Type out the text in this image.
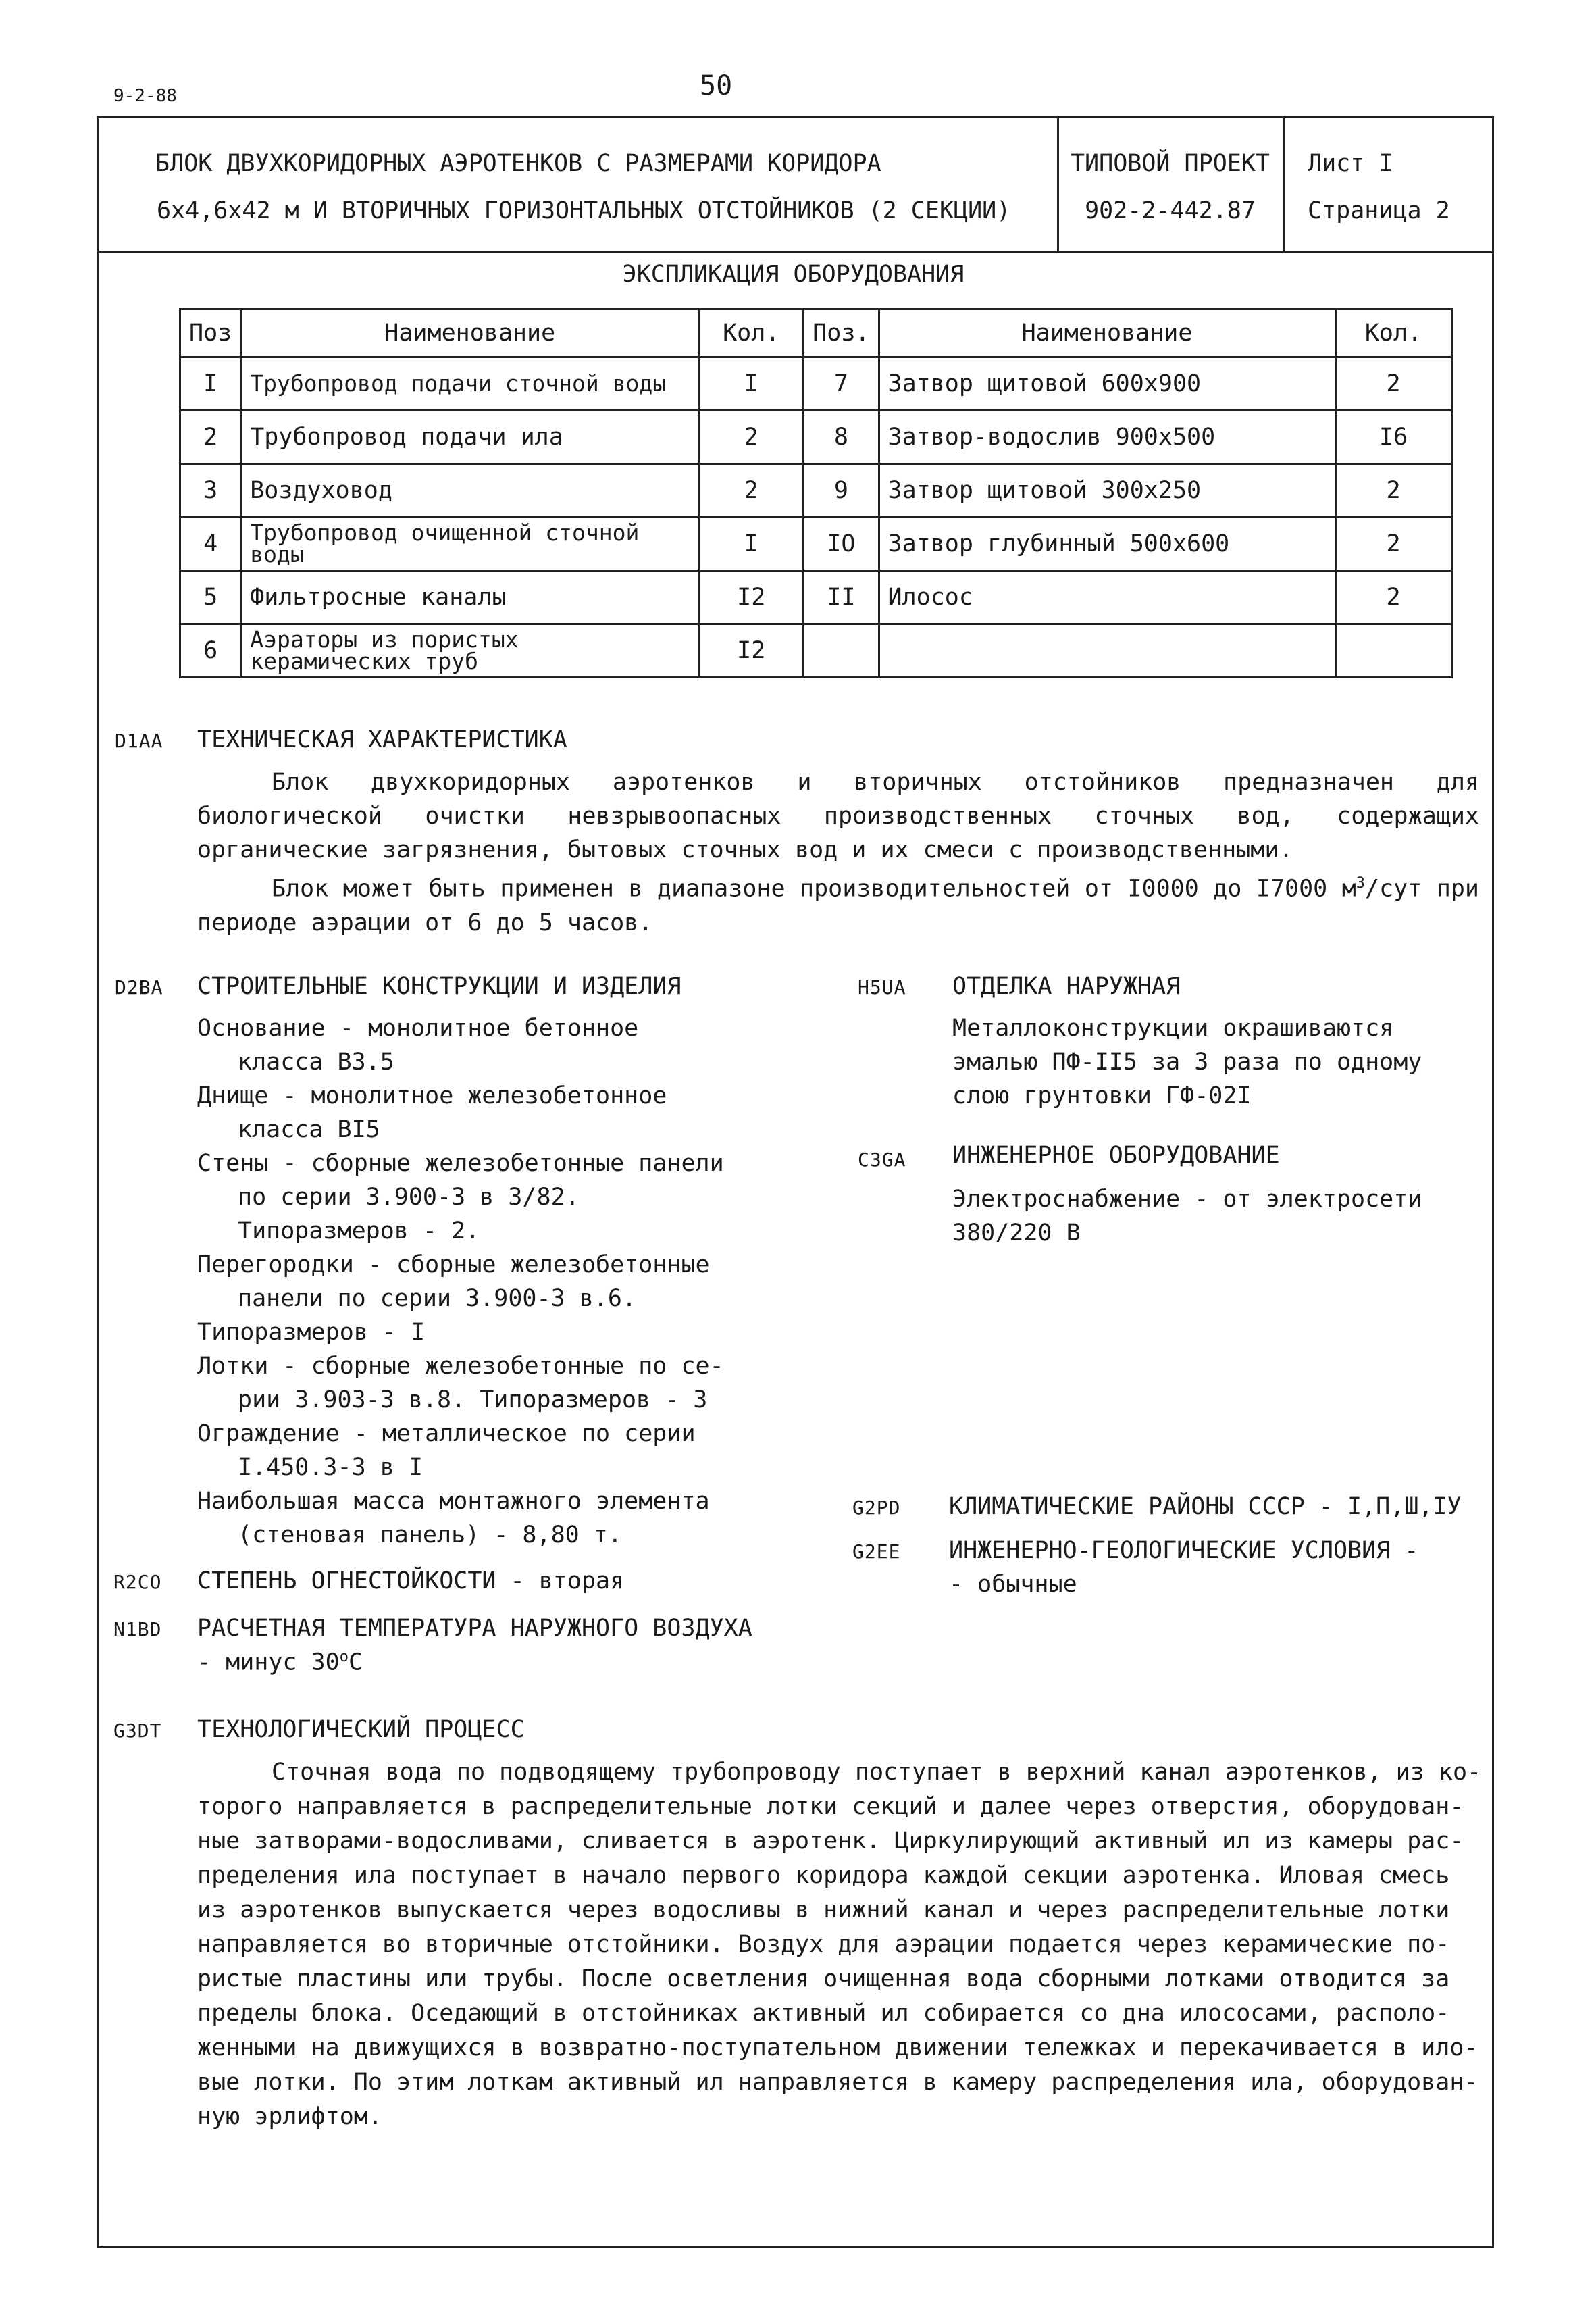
9-2-88	50
БЛОК ДВУХКОРИДОРНЫХ АЭРОТЕНКОВ С РАЗМЕРАМИ КОРИДОРА
6х4,6х42 м И ВТОРИЧНЫХ ГОРИЗОНТАЛЬНЫХ ОТСТОЙНИКОВ (2 СЕКЦИИ)
ТИПОВОЙ ПРОЕКТ
902-2-442.87
Лист I
Страница 2
ЭКСПЛИКАЦИЯ ОБОРУДОВАНИЯ
Поз	Наименование	Кол.	Поз.	Наименование	Кол.
I	Трубопровод подачи сточной воды	I	7	Затвор щитовой 600х900	2
2	Трубопровод подачи ила	2	8	Затвор-водослив 900х500	I6
3	Воздуховод	2	9	Затвор щитовой 300х250	2
4	Трубопровод очищенной сточной воды	I	IO	Затвор глубинный 500х600	2
5	Фильтросные каналы	I2	II	Илосос	2
6	Аэраторы из пористых керамических труб	I2			
D1AA ТЕХНИЧЕСКАЯ ХАРАКТЕРИСТИКА

Блок двухкоридорных аэротенков и вторичных отстойников предназначен для биологической очистки невзрывоопасных производственных сточных вод, содержащих органические загрязнения, бытовых сточных вод и их смеси с производственными.

Блок может быть применен в диапазоне производительностей от I0000 до I7000 $м^3$/сут при периоде аэрации от 6 до 5 часов.

D2BA СТРОИТЕЛЬНЫЕ КОНСТРУКЦИИ И ИЗДЕЛИЯ
Основание - монолитное бетонное
класса В3.5
Днище - монолитное железобетонное
класса ВI5
Стены - сборные железобетонные панели
по серии 3.900-3 в 3/82.
Типоразмеров - 2.
Перегородки - сборные железобетонные
панели по серии 3.900-3 в.6.
Типоразмеров - I
Лотки - сборные железобетонные по се-
рии 3.903-3 в.8. Типоразмеров - 3
Ограждение - металлическое по серии
I.450.3-3 в I
Наибольшая масса монтажного элемента
(стеновая панель) - 8,80 т.
R2CO СТЕПЕНЬ ОГНЕСТОЙКОСТИ - вторая
N1BD РАСЧЕТНАЯ ТЕМПЕРАТУРА НАРУЖНОГО ВОЗДУХА
- минус $30^оС$
H5UA ОТДЕЛКА НАРУЖНАЯ
Металлоконструкции окрашиваются
эмалью ПФ-II5 за 3 раза по одному
слою грунтовки ГФ-02I
C3GA ИНЖЕНЕРНОЕ ОБОРУДОВАНИЕ
Электроснабжение - от электросети
380/220 В
G2PD КЛИМАТИЧЕСКИЕ РАЙОНЫ СССР - I,П,Ш,IУ
G2EE ИНЖЕНЕРНО-ГЕОЛОГИЧЕСКИЕ УСЛОВИЯ -
- обычные
G3DT ТЕХНОЛОГИЧЕСКИЙ ПРОЦЕСС
Сточная вода по подводящему трубопроводу поступает в верхний канал аэротенков, из ко-
торого направляется в распределительные лотки секций и далее через отверстия, оборудован-
ные затворами-водосливами, сливается в аэротенк. Циркулирующий активный ил из камеры рас-
пределения ила поступает в начало первого коридора каждой секции аэротенка. Иловая смесь
из аэротенков выпускается через водосливы в нижний канал и через распределительные лотки
направляется во вторичные отстойники. Воздух для аэрации подается через керамические по-
ристые пластины или трубы. После осветления очищенная вода сборными лотками отводится за
пределы блока. Оседающий в отстойниках активный ил собирается со дна илососами, располо-
женными на движущихся в возвратно-поступательном движении тележках и перекачивается в ило-
вые лотки. По этим лоткам активный ил направляется в камеру распределения ила, оборудован-
ную эрлифтом.
